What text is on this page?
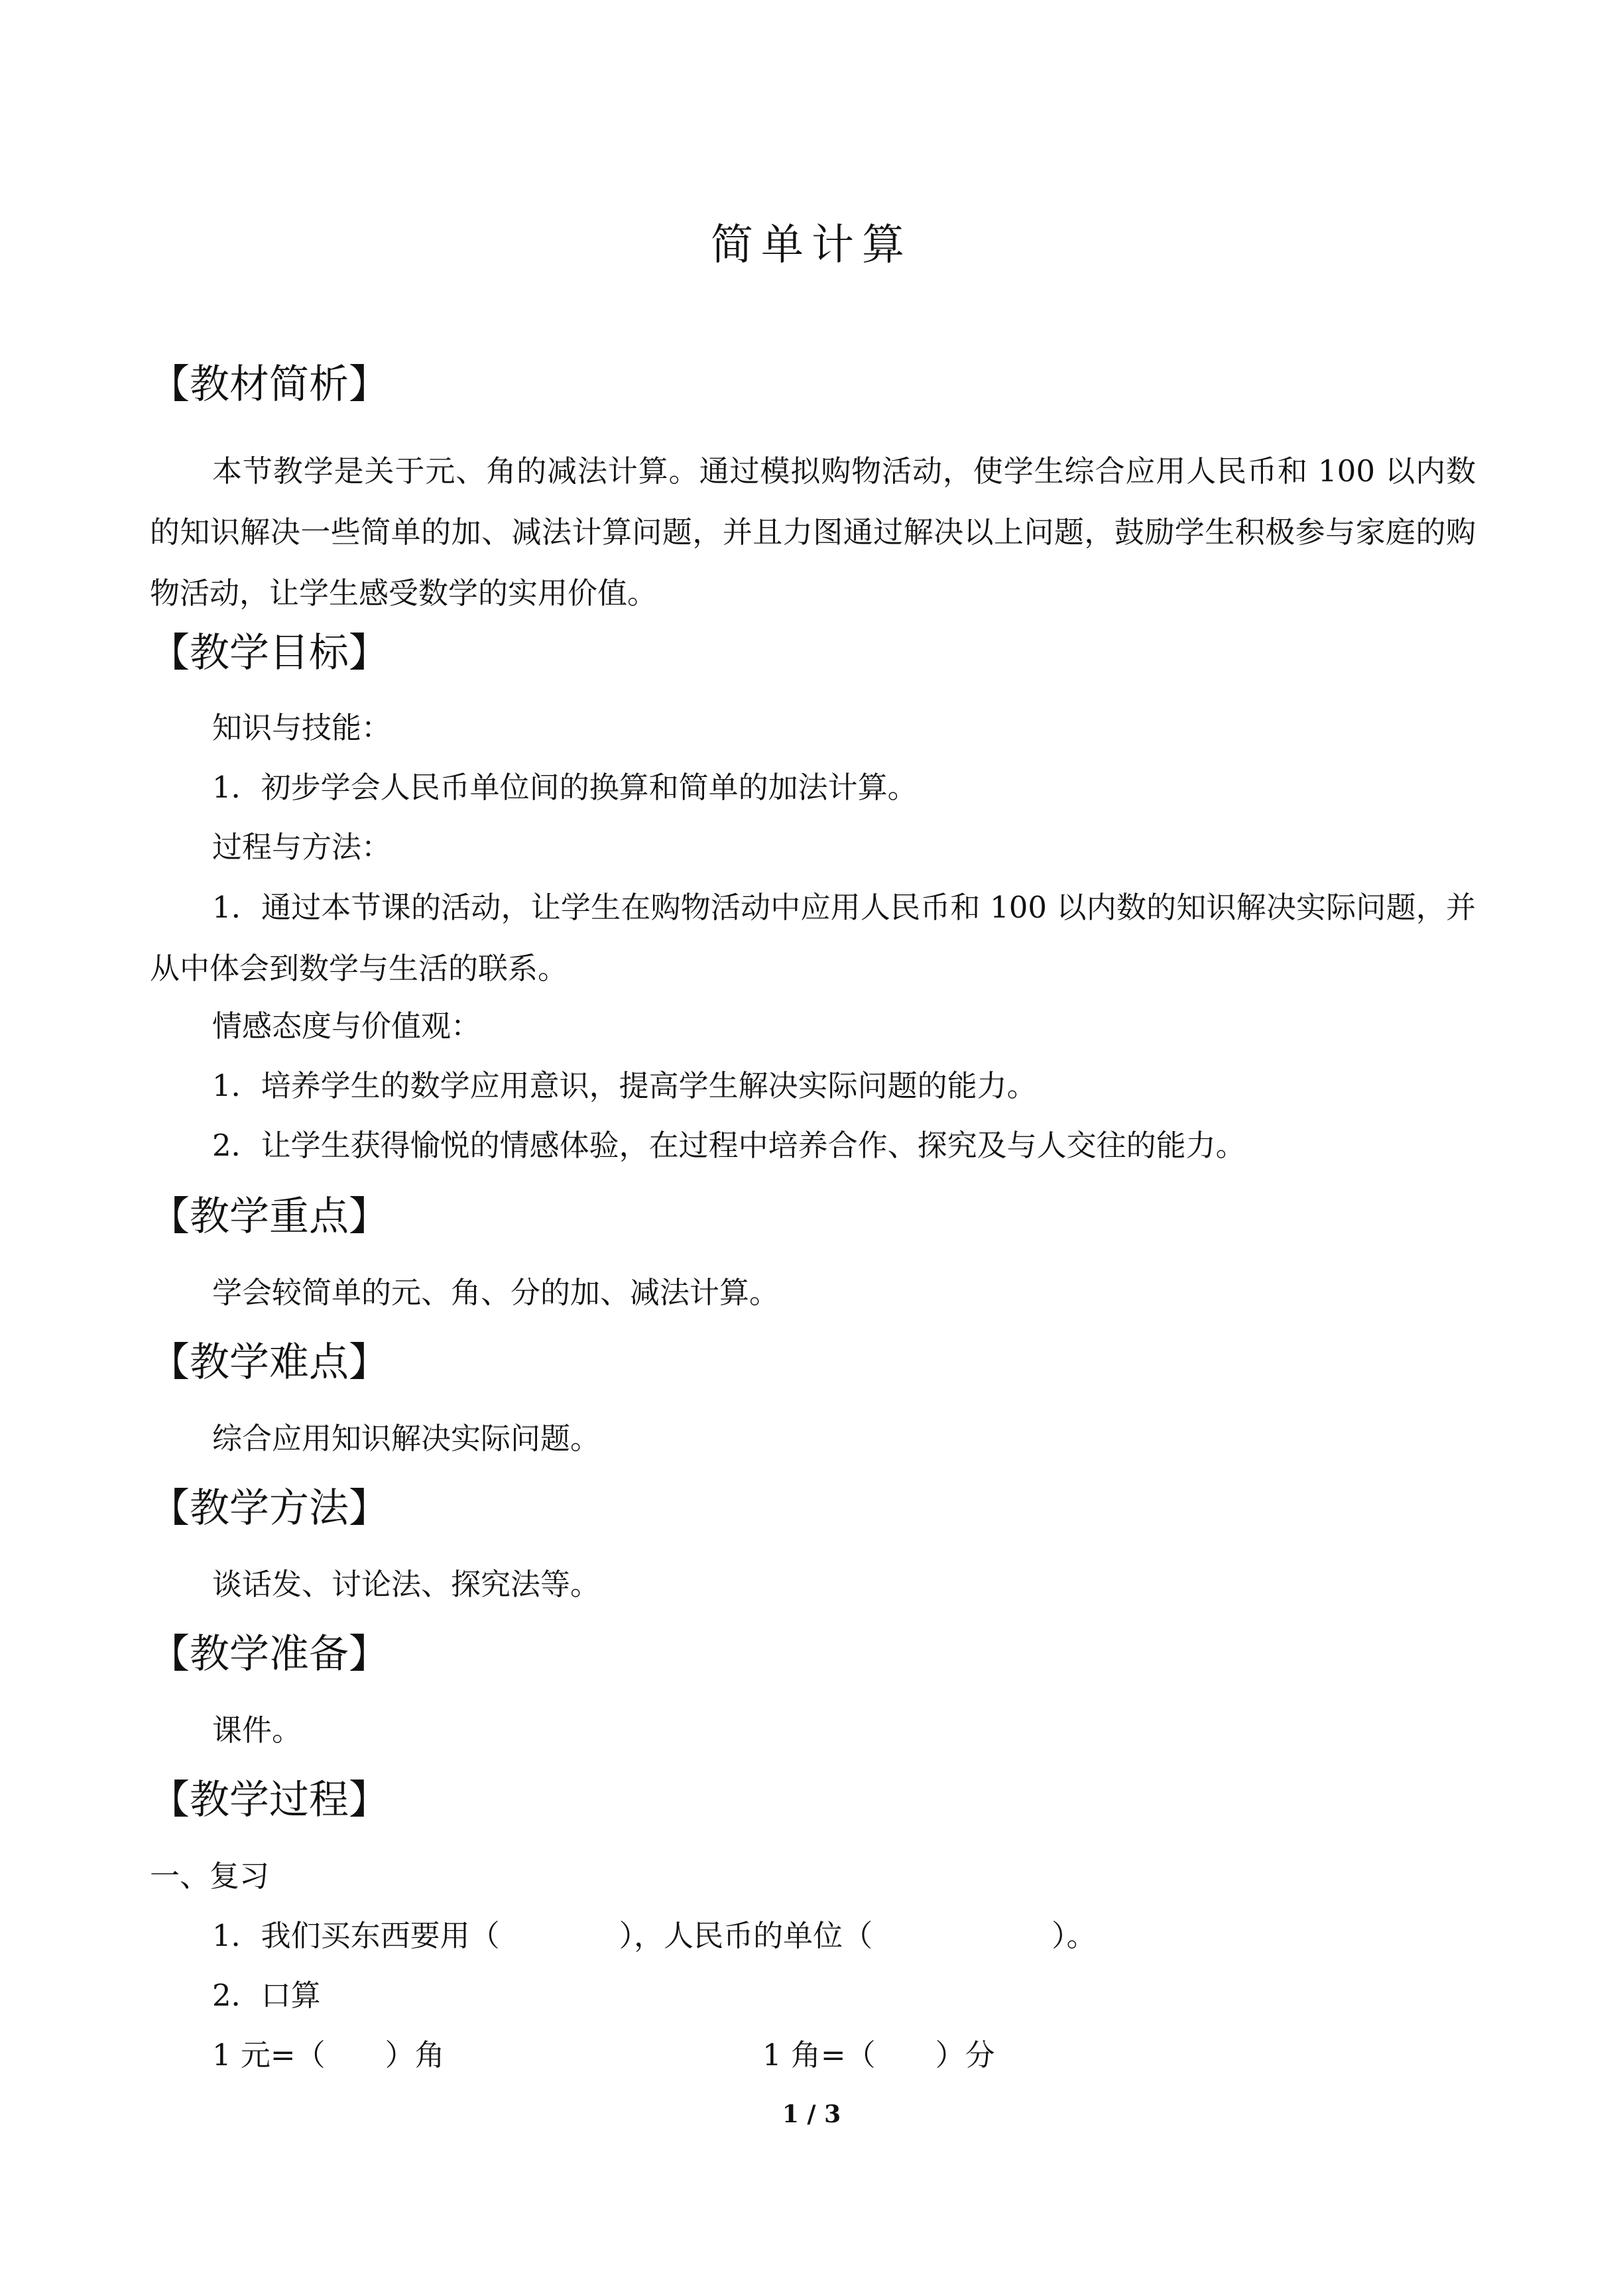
简单计算
【教材简析】
本节教学是关于元、角的减法计算。通过模拟购物活动，使学生综合应用人民币和 100 以内数的知识解决一些简单的加、减法计算问题，并且力图通过解决以上问题，鼓励学生积极参与家庭的购物活动，让学生感受数学的实用价值。
【教学目标】
知识与技能：
1．初步学会人民币单位间的换算和简单的加法计算。
过程与方法：
1．通过本节课的活动，让学生在购物活动中应用人民币和 100 以内数的知识解决实际问题，并从中体会到数学与生活的联系。
情感态度与价值观：
1．培养学生的数学应用意识，提高学生解决实际问题的能力。
2．让学生获得愉悦的情感体验，在过程中培养合作、探究及与人交往的能力。
【教学重点】
学会较简单的元、角、分的加、减法计算。
【教学难点】
综合应用知识解决实际问题。
【教学方法】
谈话发、讨论法、探究法等。
【教学准备】
课件。
【教学过程】
一、复习
1．我们买东西要用（　　　　），人民币的单位（　　　　　　）。
2．口算
1 元=（　　）角	1 角=（　　）分
1 / 3
